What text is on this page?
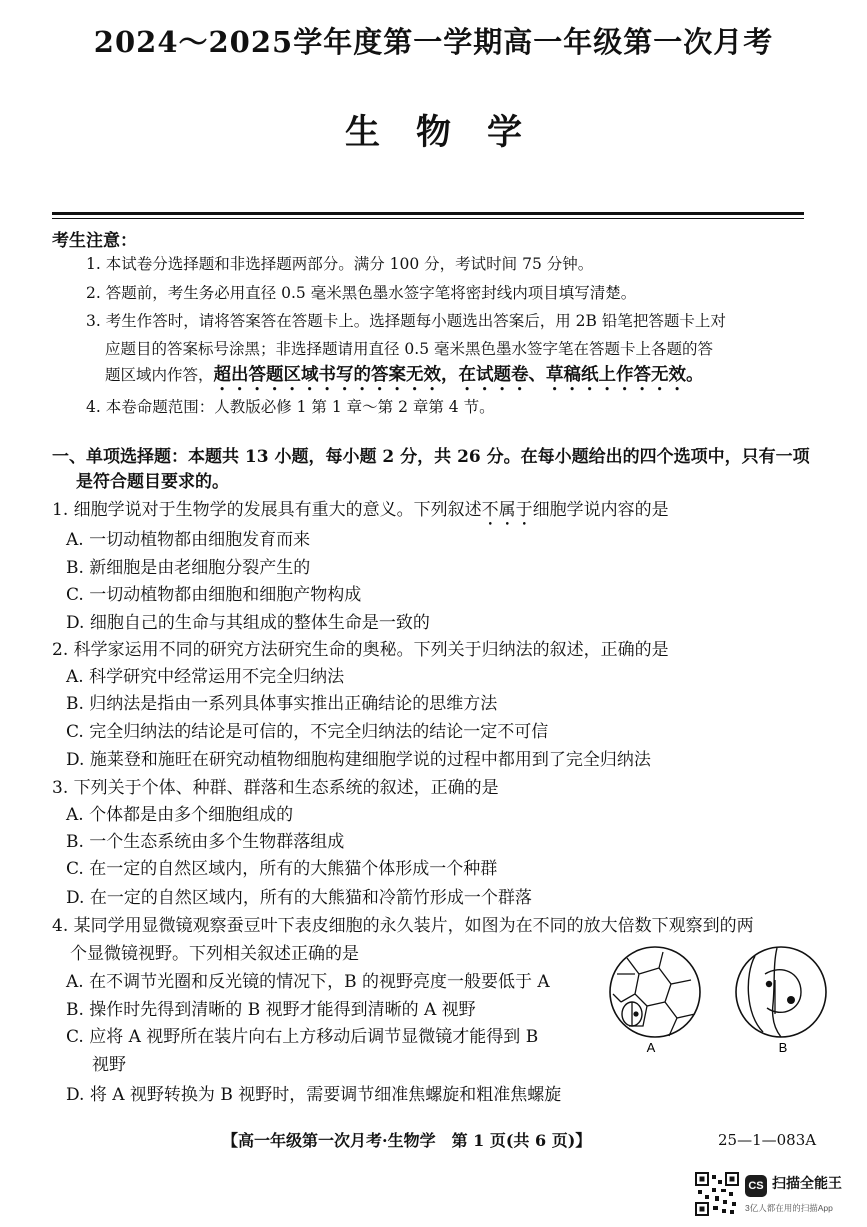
2024～2025学年度第一学期高一年级第一次月考
生物学
考生注意：
1. 本试卷分选择题和非选择题两部分。满分 100 分，考试时间 75 分钟。
2. 答题前，考生务必用直径 0.5 毫米黑色墨水签字笔将密封线内项目填写清楚。
3. 考生作答时，请将答案答在答题卡上。选择题每小题选出答案后，用 2B 铅笔把答题卡上对
应题目的答案标号涂黑；非选择题请用直径 0.5 毫米黑色墨水签字笔在答题卡上各题的答
题区域内作答，超出答题区域书写的答案无效，在试题卷、草稿纸上作答无效。
4. 本卷命题范围：人教版必修 1 第 1 章～第 2 章第 4 节。
一、单项选择题：本题共 13 小题，每小题 2 分，共 26 分。在每小题给出的四个选项中，只有一项
是符合题目要求的。
1. 细胞学说对于生物学的发展具有重大的意义。下列叙述不属于细胞学说内容的是
A. 一切动植物都由细胞发育而来
B. 新细胞是由老细胞分裂产生的
C. 一切动植物都由细胞和细胞产物构成
D. 细胞自己的生命与其组成的整体生命是一致的
2. 科学家运用不同的研究方法研究生命的奥秘。下列关于归纳法的叙述，正确的是
A. 科学研究中经常运用不完全归纳法
B. 归纳法是指由一系列具体事实推出正确结论的思维方法
C. 完全归纳法的结论是可信的，不完全归纳法的结论一定不可信
D. 施莱登和施旺在研究动植物细胞构建细胞学说的过程中都用到了完全归纳法
3. 下列关于个体、种群、群落和生态系统的叙述，正确的是
A. 个体都是由多个细胞组成的
B. 一个生态系统由多个生物群落组成
C. 在一定的自然区域内，所有的大熊猫个体形成一个种群
D. 在一定的自然区域内，所有的大熊猫和冷箭竹形成一个群落
4. 某同学用显微镜观察蚕豆叶下表皮细胞的永久装片，如图为在不同的放大倍数下观察到的两
个显微镜视野。下列相关叙述正确的是
A. 在不调节光圈和反光镜的情况下，B 的视野亮度一般要低于 A
B. 操作时先得到清晰的 B 视野才能得到清晰的 A 视野
C. 应将 A 视野所在装片向右上方移动后调节显微镜才能得到 B
视野
D. 将 A 视野转换为 B 视野时，需要调节细准焦螺旋和粗准焦螺旋
A	B
【高一年级第一次月考·生物学　第 1 页(共 6 页)】	25—1—083A
CS 扫描全能王
3亿人都在用的扫描App
